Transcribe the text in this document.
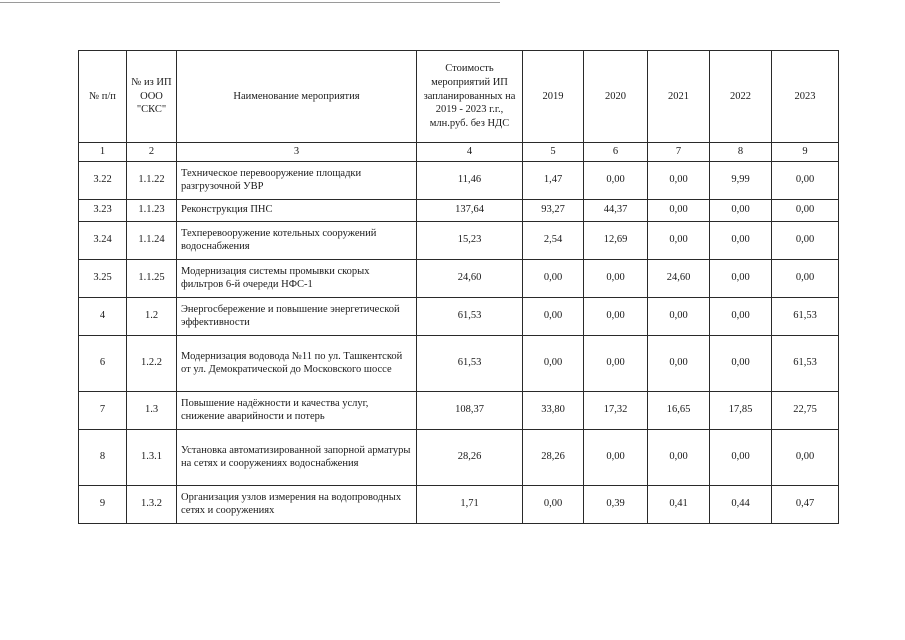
№ п/п	№ из ИП ООО "СКС"	Наименование мероприятия	Стоимость мероприятий ИП запланированных на 2019 - 2023 г.г., млн.руб. без НДС	2019	2020	2021	2022	2023
1	2	3	4	5	6	7	8	9
3.22	1.1.22	Техническое перевооружение площадки разгрузочной УВР	11,46	1,47	0,00	0,00	9,99	0,00
3.23	1.1.23	Реконструкция ПНС	137,64	93,27	44,37	0,00	0,00	0,00
3.24	1.1.24	Техперевооружение котельных сооружений водоснабжения	15,23	2,54	12,69	0,00	0,00	0,00
3.25	1.1.25	Модернизация системы промывки скорых фильтров 6-й очереди НФС-1	24,60	0,00	0,00	24,60	0,00	0,00
4	1.2	Энергосбережение и повышение энергетической эффективности	61,53	0,00	0,00	0,00	0,00	61,53
6	1.2.2	Модернизация водовода №11 по ул. Ташкентской от ул. Демократической до Московского шоссе	61,53	0,00	0,00	0,00	0,00	61,53
7	1.3	Повышение надёжности и качества услуг, снижение аварийности и потерь	108,37	33,80	17,32	16,65	17,85	22,75
8	1.3.1	Установка автоматизированной запорной арматуры на сетях и сооружениях водоснабжения	28,26	28,26	0,00	0,00	0,00	0,00
9	1.3.2	Организация узлов измерения на водопроводных сетях и сооружениях	1,71	0,00	0,39	0,41	0,44	0,47
